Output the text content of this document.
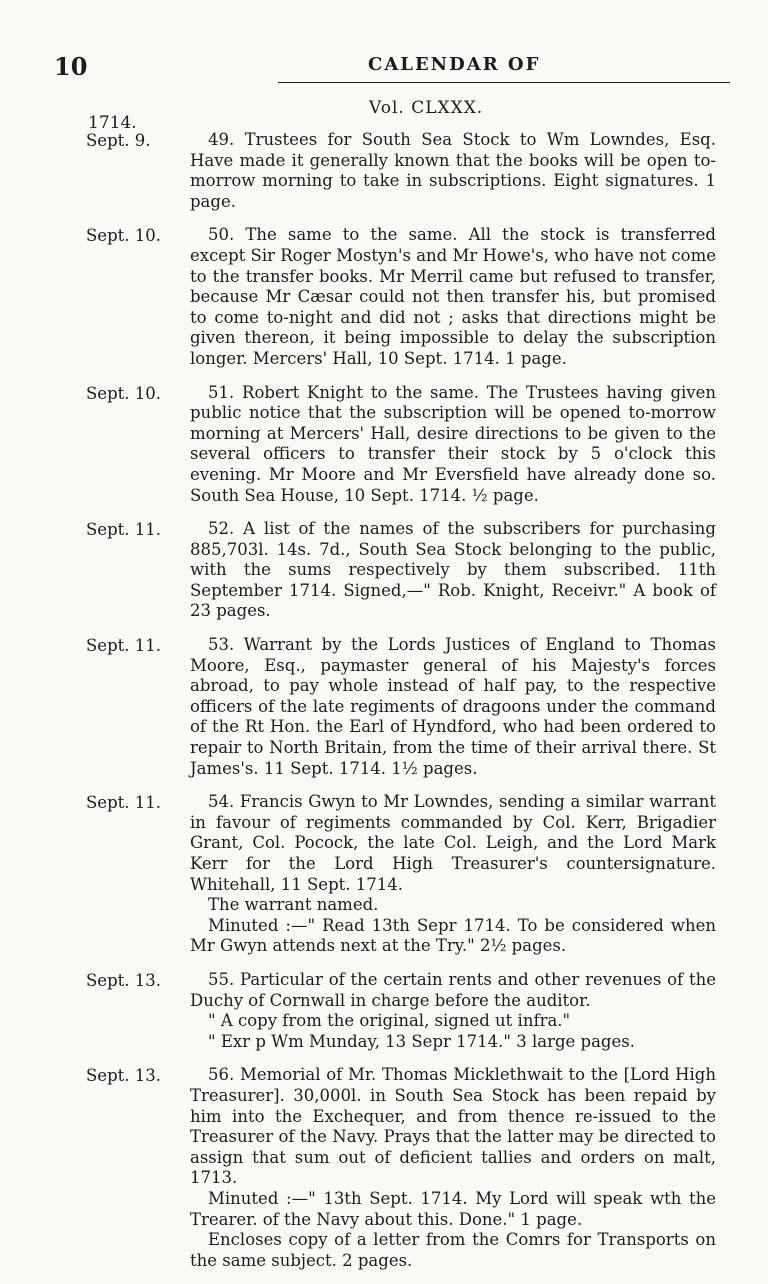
10	CALENDAR OF
Vol. CLXXX.
1714.
Sept. 9.	49. Trustees for South Sea Stock to Wm Lowndes, Esq. Have made it generally known that the books will be open to-morrow morning to take in subscriptions. Eight signatures. 1 page.

Sept. 10.	50. The same to the same. All the stock is transferred except Sir Roger Mostyn's and Mr Howe's, who have not come to the transfer books. Mr Merril came but refused to transfer, because Mr Cæsar could not then transfer his, but promised to come to-night and did not ; asks that directions might be given thereon, it being impossible to delay the subscription longer. Mercers' Hall, 10 Sept. 1714. 1 page.

Sept. 10.	51. Robert Knight to the same. The Trustees having given public notice that the subscription will be opened to-morrow morning at Mercers' Hall, desire directions to be given to the several officers to transfer their stock by 5 o'clock this evening. Mr Moore and Mr Eversfield have already done so. South Sea House, 10 Sept. 1714. ½ page.

Sept. 11.	52. A list of the names of the subscribers for purchasing 885,703l. 14s. 7d., South Sea Stock belonging to the public, with the sums respectively by them subscribed. 11th September 1714. Signed,—" Rob. Knight, Receivr." A book of 23 pages.

Sept. 11.	53. Warrant by the Lords Justices of England to Thomas Moore, Esq., paymaster general of his Majesty's forces abroad, to pay whole instead of half pay, to the respective officers of the late regiments of dragoons under the command of the Rt Hon. the Earl of Hyndford, who had been ordered to repair to North Britain, from the time of their arrival there. St James's. 11 Sept. 1714. 1½ pages.

Sept. 11.	54. Francis Gwyn to Mr Lowndes, sending a similar warrant in favour of regiments commanded by Col. Kerr, Brigadier Grant, Col. Pocock, the late Col. Leigh, and the Lord Mark Kerr for the Lord High Treasurer's countersignature. Whitehall, 11 Sept. 1714.

The warrant named.

Minuted :—" Read 13th Sepr 1714. To be considered when Mr Gwyn attends next at the Try." 2½ pages.

Sept. 13.	55. Particular of the certain rents and other revenues of the Duchy of Cornwall in charge before the auditor.

" A copy from the original, signed ut infra."

" Exr p Wm Munday, 13 Sepr 1714." 3 large pages.

Sept. 13.	56. Memorial of Mr. Thomas Micklethwait to the [Lord High Treasurer]. 30,000l. in South Sea Stock has been repaid by him into the Exchequer, and from thence re-issued to the Treasurer of the Navy. Prays that the latter may be directed to assign that sum out of deficient tallies and orders on malt, 1713.

Minuted :—" 13th Sept. 1714. My Lord will speak wth the Trearer. of the Navy about this. Done." 1 page.

Encloses copy of a letter from the Comrs for Transports on the same subject. 2 pages.
